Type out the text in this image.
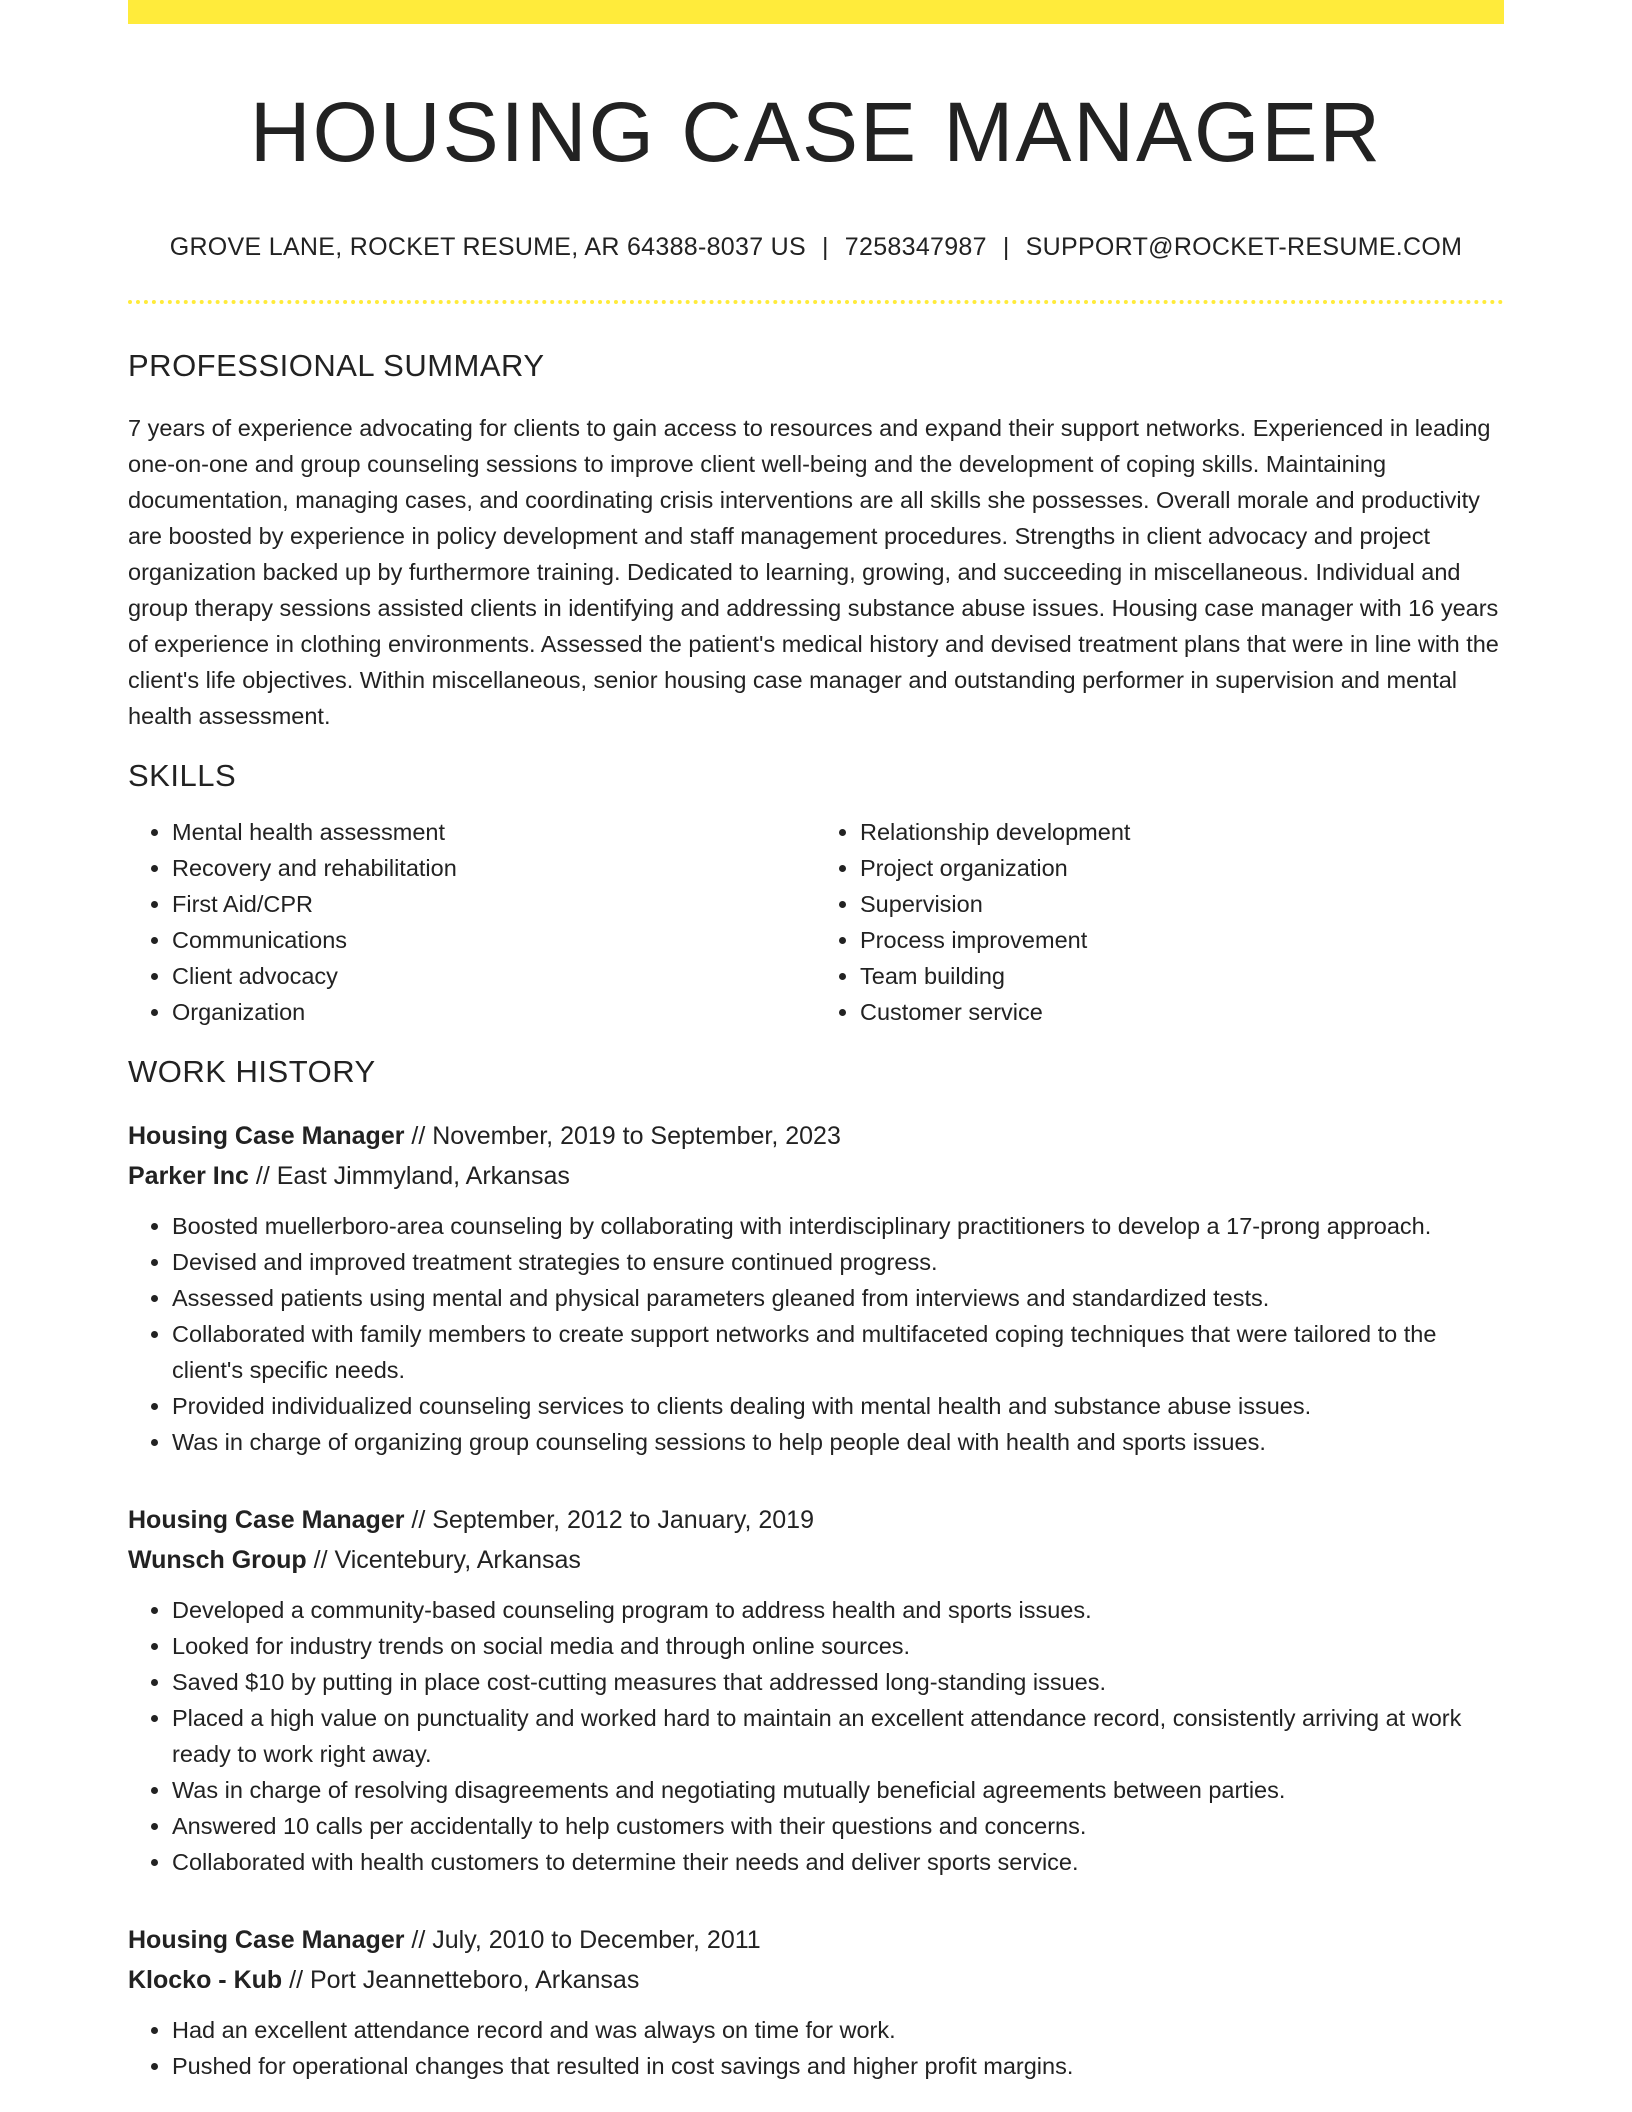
HOUSING CASE MANAGER
GROVE LANE, ROCKET RESUME, AR 64388-8037 US | 7258347987 | SUPPORT@ROCKET-RESUME.COM
PROFESSIONAL SUMMARY

7 years of experience advocating for clients to gain access to resources and expand their support networks. Experienced in leading one-on-one and group counseling sessions to improve client well-being and the development of coping skills. Maintaining documentation, managing cases, and coordinating crisis interventions are all skills she possesses. Overall morale and productivity are boosted by experience in policy development and staff management procedures. Strengths in client advocacy and project organization backed up by furthermore training. Dedicated to learning, growing, and succeeding in miscellaneous. Individual and group therapy sessions assisted clients in identifying and addressing substance abuse issues. Housing case manager with 16 years of experience in clothing environments. Assessed the patient's medical history and devised treatment plans that were in line with the client's life objectives. Within miscellaneous, senior housing case manager and outstanding performer in supervision and mental health assessment.

SKILLS
• Mental health assessment
• Recovery and rehabilitation
• First Aid/CPR
• Communications
• Client advocacy
• Organization
• Relationship development
• Project organization
• Supervision
• Process improvement
• Team building
• Customer service
WORK HISTORY
Housing Case Manager // November, 2019 to September, 2023
Parker Inc // East Jimmyland, Arkansas
• Boosted muellerboro-area counseling by collaborating with interdisciplinary practitioners to develop a 17-prong approach.
• Devised and improved treatment strategies to ensure continued progress.
• Assessed patients using mental and physical parameters gleaned from interviews and standardized tests.
• Collaborated with family members to create support networks and multifaceted coping techniques that were tailored to the client's specific needs.
• Provided individualized counseling services to clients dealing with mental health and substance abuse issues.
• Was in charge of organizing group counseling sessions to help people deal with health and sports issues.
Housing Case Manager // September, 2012 to January, 2019
Wunsch Group // Vicentebury, Arkansas
• Developed a community-based counseling program to address health and sports issues.
• Looked for industry trends on social media and through online sources.
• Saved $10 by putting in place cost-cutting measures that addressed long-standing issues.
• Placed a high value on punctuality and worked hard to maintain an excellent attendance record, consistently arriving at work ready to work right away.
• Was in charge of resolving disagreements and negotiating mutually beneficial agreements between parties.
• Answered 10 calls per accidentally to help customers with their questions and concerns.
• Collaborated with health customers to determine their needs and deliver sports service.
Housing Case Manager // July, 2010 to December, 2011
Klocko - Kub // Port Jeannetteboro, Arkansas
• Had an excellent attendance record and was always on time for work.
• Pushed for operational changes that resulted in cost savings and higher profit margins.
